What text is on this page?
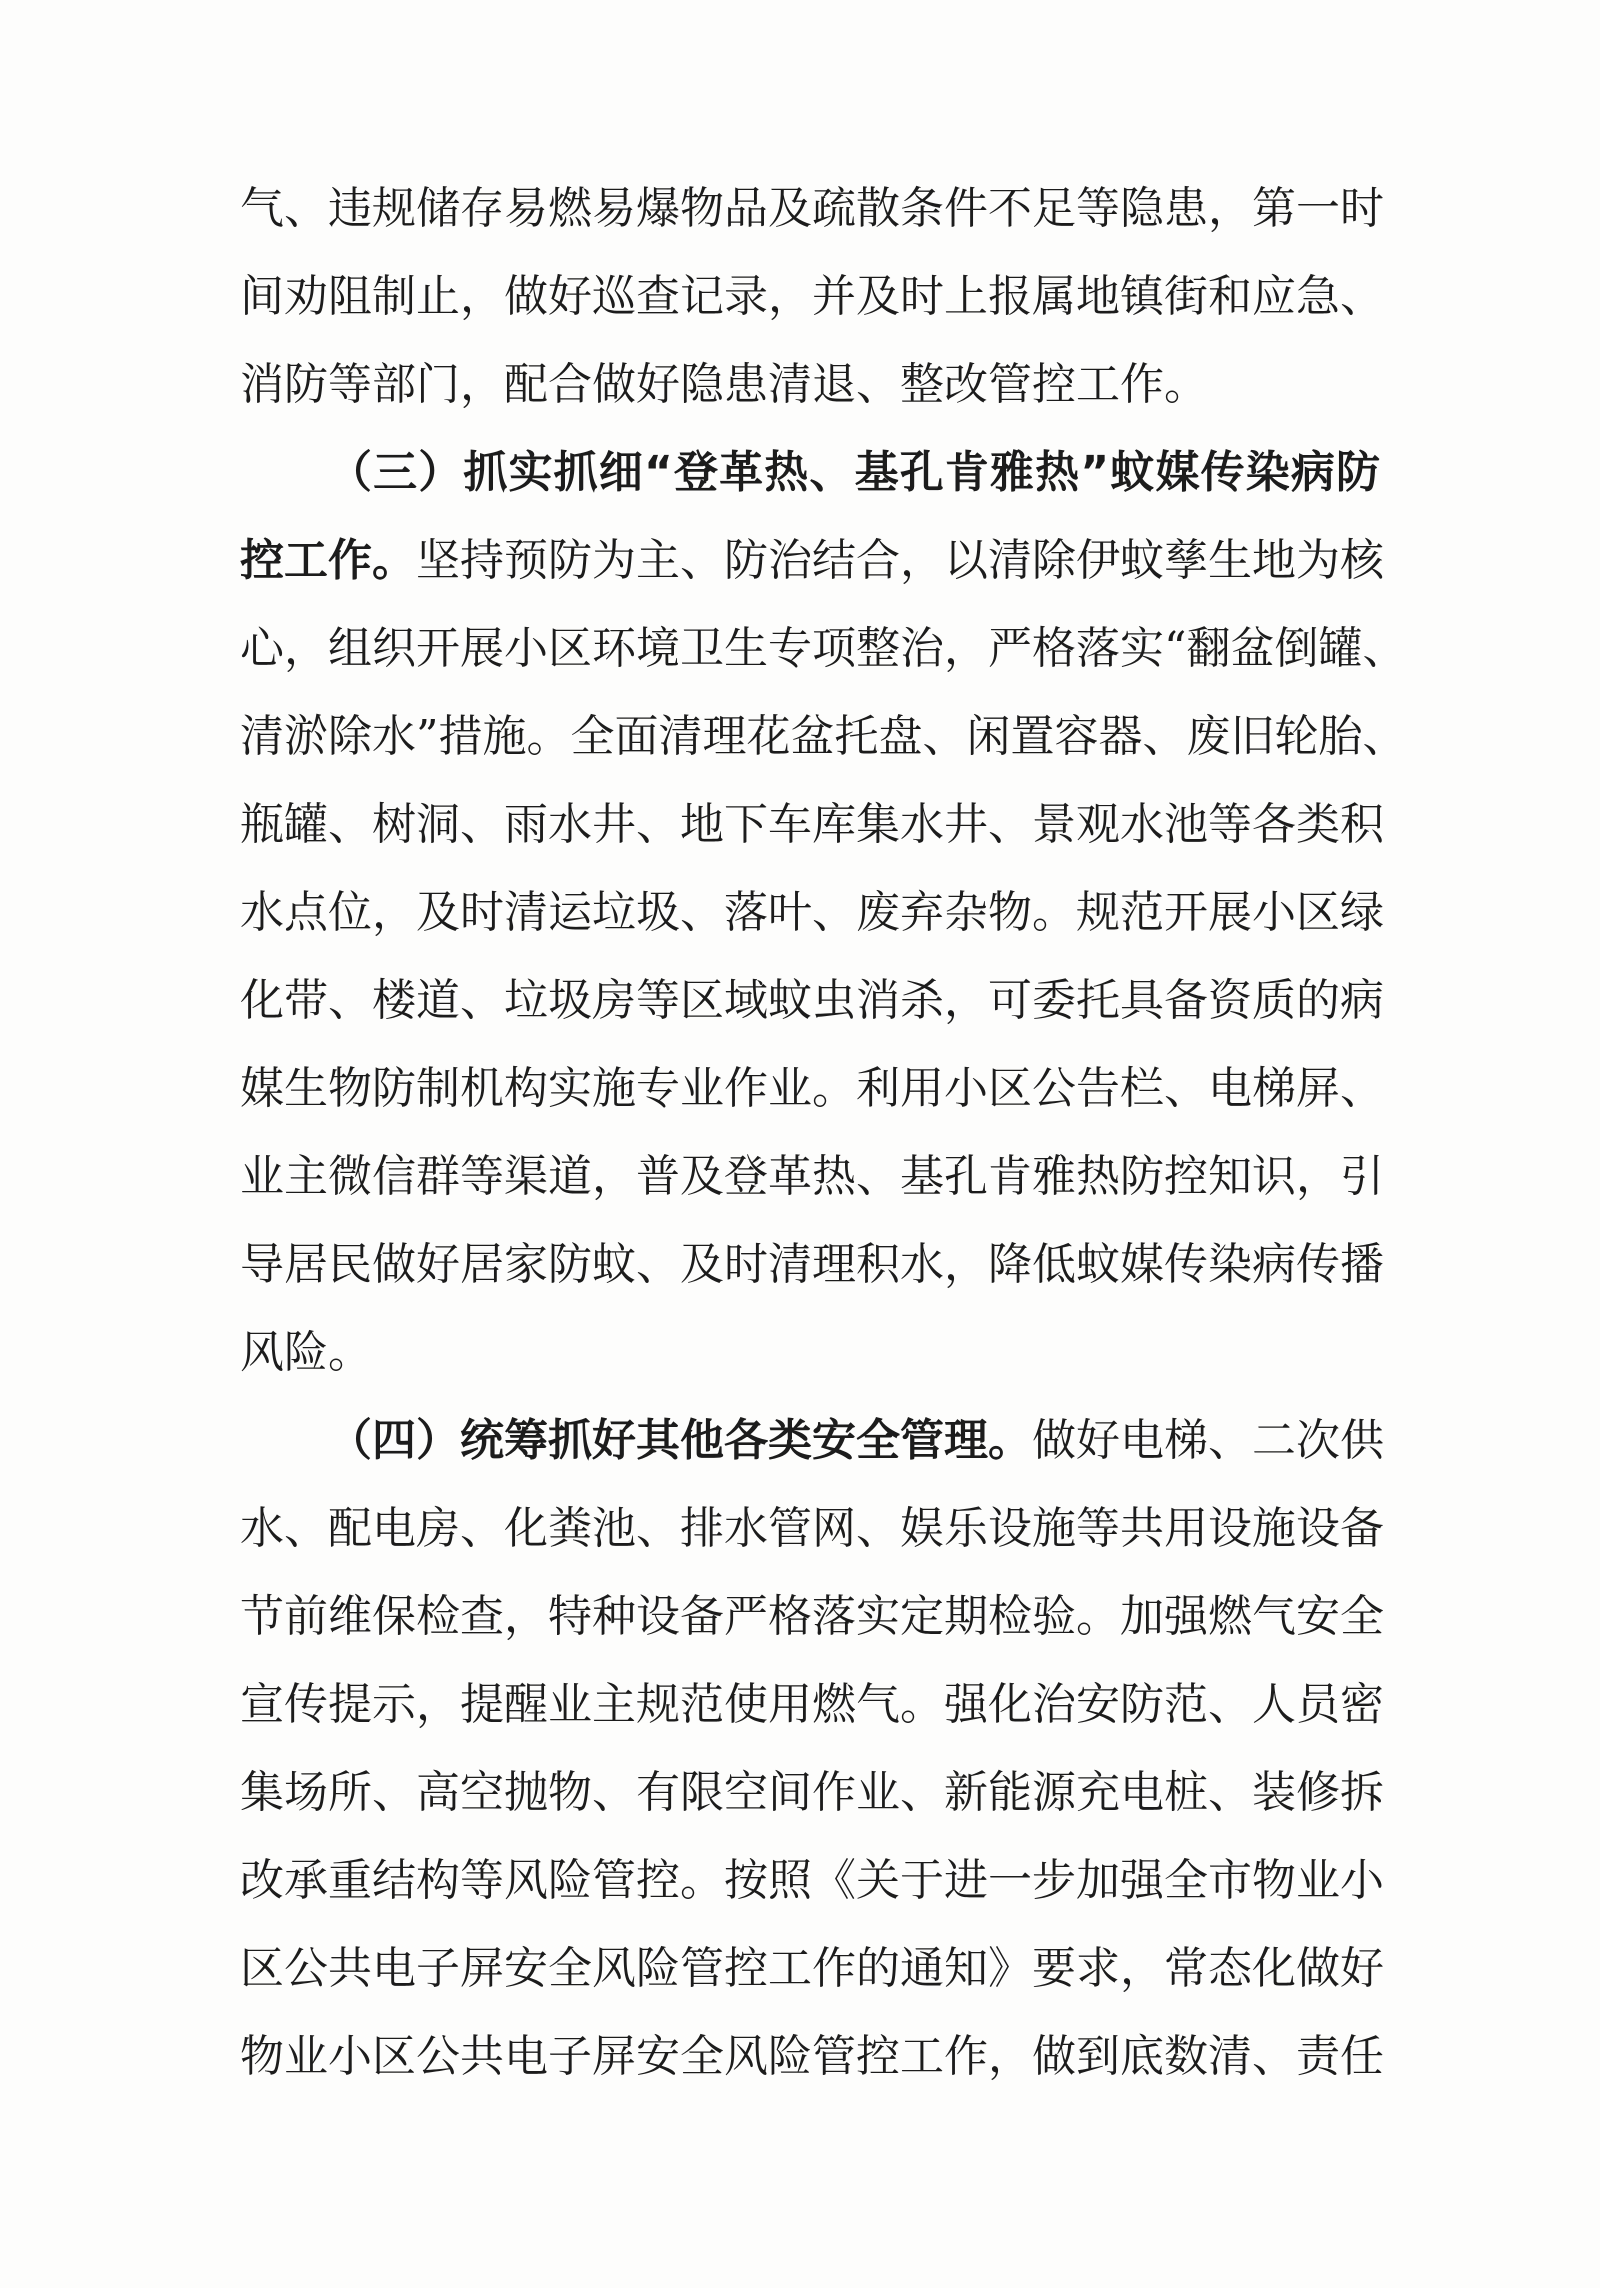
气、违规储存易燃易爆物品及疏散条件不足等隐患，第一时
间劝阻制止，做好巡查记录，并及时上报属地镇街和应急、
消防等部门，配合做好隐患清退、整改管控工作。
（三）抓实抓细“登革热、基孔肯雅热”蚊媒传染病防
控工作。坚持预防为主、防治结合，以清除伊蚊孳生地为核
心，组织开展小区环境卫生专项整治，严格落实“翻盆倒罐、
清淤除水”措施。全面清理花盆托盘、闲置容器、废旧轮胎、
瓶罐、树洞、雨水井、地下车库集水井、景观水池等各类积
水点位，及时清运垃圾、落叶、废弃杂物。规范开展小区绿
化带、楼道、垃圾房等区域蚊虫消杀，可委托具备资质的病
媒生物防制机构实施专业作业。利用小区公告栏、电梯屏、
业主微信群等渠道，普及登革热、基孔肯雅热防控知识，引
导居民做好居家防蚊、及时清理积水，降低蚊媒传染病传播
风险。
（四）统筹抓好其他各类安全管理。做好电梯、二次供
水、配电房、化粪池、排水管网、娱乐设施等共用设施设备
节前维保检查，特种设备严格落实定期检验。加强燃气安全
宣传提示，提醒业主规范使用燃气。强化治安防范、人员密
集场所、高空抛物、有限空间作业、新能源充电桩、装修拆
改承重结构等风险管控。按照《关于进一步加强全市物业小
区公共电子屏安全风险管控工作的通知》要求，常态化做好
物业小区公共电子屏安全风险管控工作，做到底数清、责任
